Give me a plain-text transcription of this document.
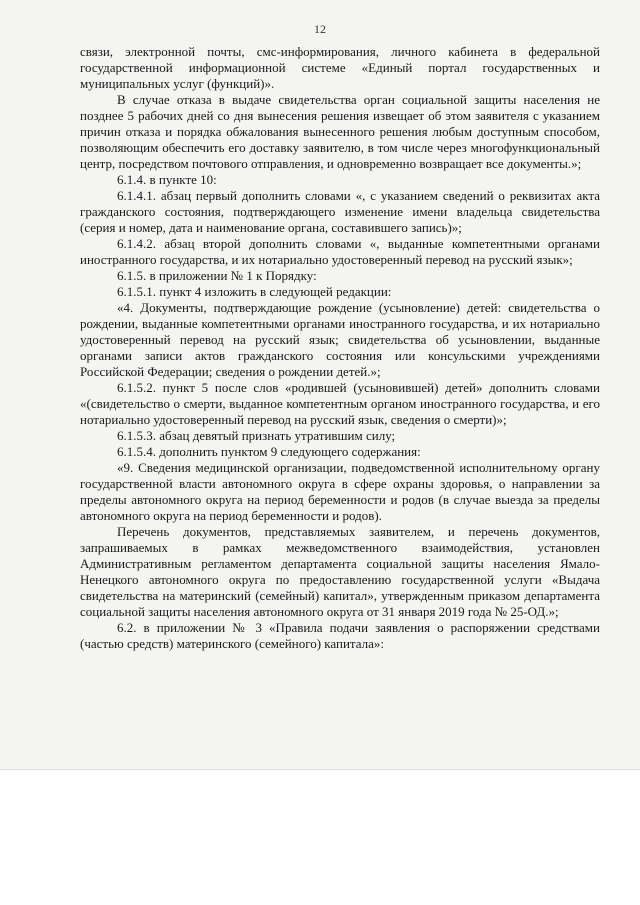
12

связи, электронной почты, смс-информирования, личного кабинета в федеральной государственной информационной системе «Единый портал государственных и муниципальных услуг (функций)».

В случае отказа в выдаче свидетельства орган социальной защиты населения не позднее 5 рабочих дней со дня вынесения решения извещает об этом заявителя с указанием причин отказа и порядка обжалования вынесенного решения любым доступным способом, позволяющим обеспечить его доставку заявителю, в том числе через многофункциональный центр, посредством почтового отправления, и одновременно возвращает все документы.»;

6.1.4. в пункте 10:

6.1.4.1. абзац первый дополнить словами «, с указанием сведений о реквизитах акта гражданского состояния, подтверждающего изменение имени владельца свидетельства (серия и номер, дата и наименование органа, составившего запись)»;

6.1.4.2. абзац второй дополнить словами «, выданные компетентными органами иностранного государства, и их нотариально удостоверенный перевод на русский язык»;

6.1.5. в приложении № 1 к Порядку:

6.1.5.1. пункт 4 изложить в следующей редакции:

«4. Документы, подтверждающие рождение (усыновление) детей: свидетельства о рождении, выданные компетентными органами иностранного государства, и их нотариально удостоверенный перевод на русский язык; свидетельства об усыновлении, выданные органами записи актов гражданского состояния или консульскими учреждениями Российской Федерации; сведения о рождении детей.»;

6.1.5.2. пункт 5 после слов «родившей (усыновившей) детей» дополнить словами «(свидетельство о смерти, выданное компетентным органом иностранного государства, и его нотариально удостоверенный перевод на русский язык, сведения о смерти)»;

6.1.5.3. абзац девятый признать утратившим силу;

6.1.5.4. дополнить пунктом 9 следующего содержания:

«9. Сведения медицинской организации, подведомственной исполнительному органу государственной власти автономного округа в сфере охраны здоровья, о направлении за пределы автономного округа на период беременности и родов (в случае выезда за пределы автономного округа на период беременности и родов).

Перечень документов, представляемых заявителем, и перечень документов, запрашиваемых в рамках межведомственного взаимодействия, установлен Административным регламентом департамента социальной защиты населения Ямало-Ненецкого автономного округа по предоставлению государственной услуги «Выдача свидетельства на материнский (семейный) капитал», утвержденным приказом департамента социальной защиты населения автономного округа от 31 января 2019 года № 25-ОД.»;

6.2. в приложении № 3 «Правила подачи заявления о распоряжении средствами (частью средств) материнского (семейного) капитала»:
